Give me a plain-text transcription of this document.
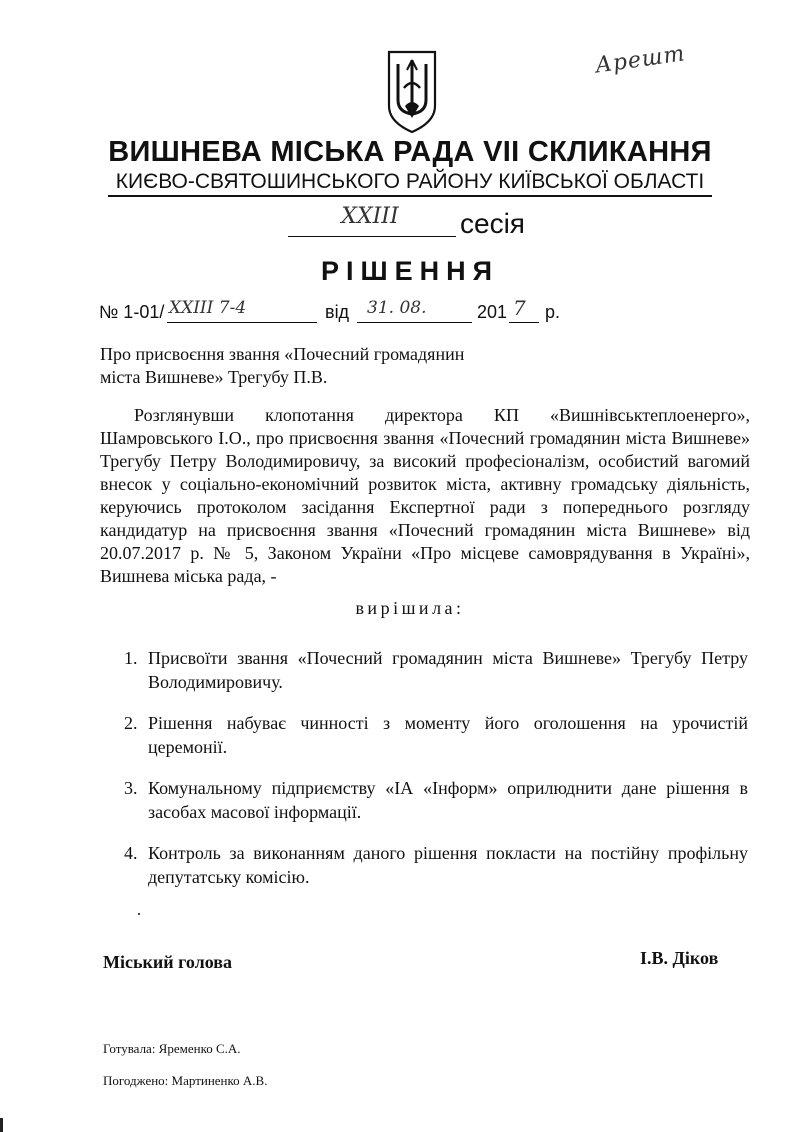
Арешт
ВИШНЕВА МІСЬКА РАДА VII СКЛИКАННЯ
КИЄВО-СВЯТОШИНСЬКОГО РАЙОНУ КИЇВСЬКОЇ ОБЛАСТІ
XXIII	сесія
РІШЕННЯ
№ 1-01/ XXIII 7-4	від 31. 08.	201 7 р.
Про присвоєння звання «Почесний громадянин
міста Вишневе» Трегубу П.В.
Розглянувши клопотання директора КП «Вишнівськтеплоенерго», Шамровського І.О., про присвоєння звання «Почесний громадянин міста Вишневе» Трегубу Петру Володимировичу, за високий професіоналізм, особистий вагомий внесок у соціально-економічний розвиток міста, активну громадську діяльність, керуючись протоколом засідання Експертної ради з попереднього розгляду кандидатур на присвоєння звання «Почесний громадянин міста Вишневе» від 20.07.2017 р. № 5, Законом України «Про місцеве самоврядування в Україні», Вишнева міська рада, -
вирішила:
1. Присвоїти звання «Почесний громадянин міста Вишневе» Трегубу Петру Володимировичу.
2. Рішення набуває чинності з моменту його оголошення на урочистій церемонії.
3. Комунальному підприємству «ІА «Інформ» оприлюднити дане рішення в засобах масової інформації.
4. Контроль за виконанням даного рішення покласти на постійну профільну депутатську комісію.
Міський голова	І.В. Діков
Готувала: Яременко С.А.
Погоджено: Мартиненко А.В.
